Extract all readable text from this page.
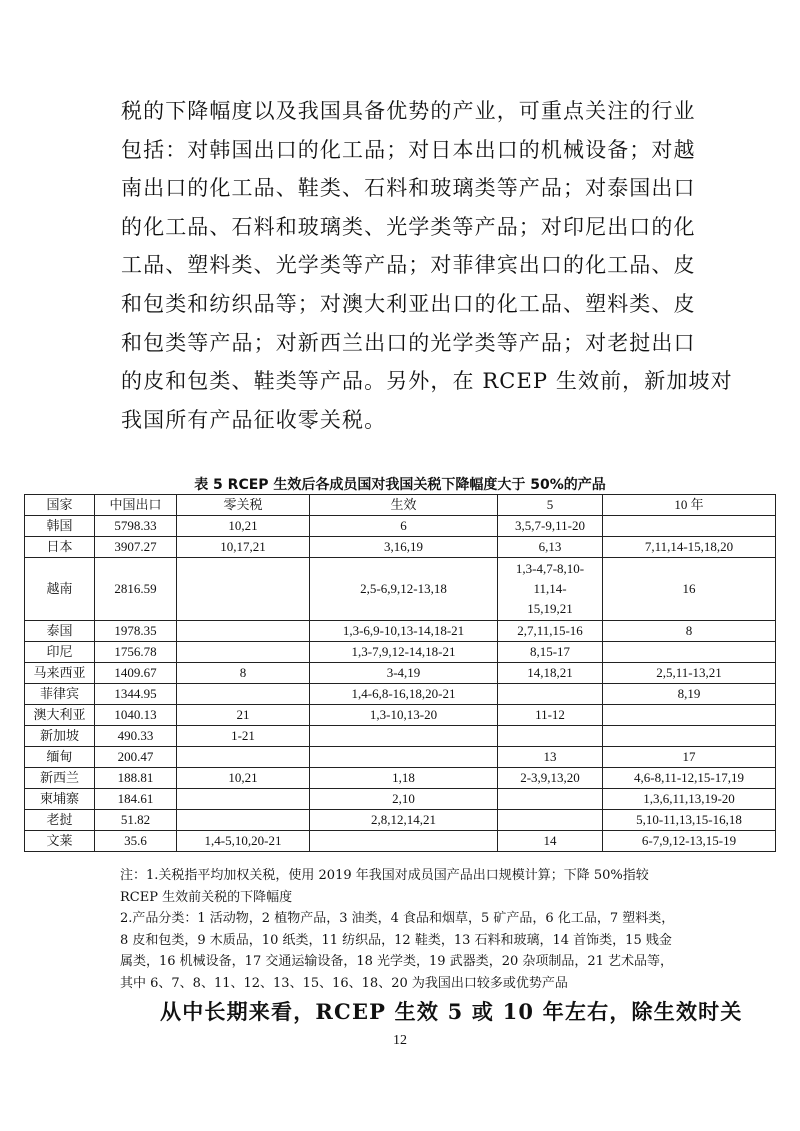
税的下降幅度以及我国具备优势的产业，可重点关注的行业
包括：对韩国出口的化工品；对日本出口的机械设备；对越
南出口的化工品、鞋类、石料和玻璃类等产品；对泰国出口
的化工品、石料和玻璃类、光学类等产品；对印尼出口的化
工品、塑料类、光学类等产品；对菲律宾出口的化工品、皮
和包类和纺织品等；对澳大利亚出口的化工品、塑料类、皮
和包类等产品；对新西兰出口的光学类等产品；对老挝出口
的皮和包类、鞋类等产品。另外，在 RCEP 生效前，新加坡对
我国所有产品征收零关税。
表 5 RCEP 生效后各成员国对我国关税下降幅度大于 50%的产品
国家	中国出口	零关税	生效	5	10 年
韩国	5798.33	10,21	6	3,5,7-9,11-20	
日本	3907.27	10,17,21	3,16,19	6,13	7,11,14-15,18,20
越南	2816.59		2,5-6,9,12-13,18	1,3-4,7-8,10-
11,14-
15,19,21	16
泰国	1978.35		1,3-6,9-10,13-14,18-21	2,7,11,15-16	8
印尼	1756.78		1,3-7,9,12-14,18-21	8,15-17	
马来西亚	1409.67	8	3-4,19	14,18,21	2,5,11-13,21
菲律宾	1344.95		1,4-6,8-16,18,20-21		8,19
澳大利亚	1040.13	21	1,3-10,13-20	11-12	
新加坡	490.33	1-21			
缅甸	200.47			13	17
新西兰	188.81	10,21	1,18	2-3,9,13,20	4,6-8,11-12,15-17,19
柬埔寨	184.61		2,10		1,3,6,11,13,19-20
老挝	51.82		2,8,12,14,21		5,10-11,13,15-16,18
文莱	35.6	1,4-5,10,20-21		14	6-7,9,12-13,15-19
注：1.关税指平均加权关税，使用 2019 年我国对成员国产品出口规模计算；下降 50%指较
RCEP 生效前关税的下降幅度
2.产品分类：1 活动物，2 植物产品，3 油类，4 食品和烟草，5 矿产品，6 化工品，7 塑料类，
8 皮和包类，9 木质品，10 纸类，11 纺织品，12 鞋类，13 石料和玻璃，14 首饰类，15 贱金
属类，16 机械设备，17 交通运输设备，18 光学类，19 武器类，20 杂项制品，21 艺术品等，
其中 6、7、8、11、12、13、15、16、18、20 为我国出口较多或优势产品
从中长期来看，RCEP 生效 5 或 10 年左右，除生效时关
12
